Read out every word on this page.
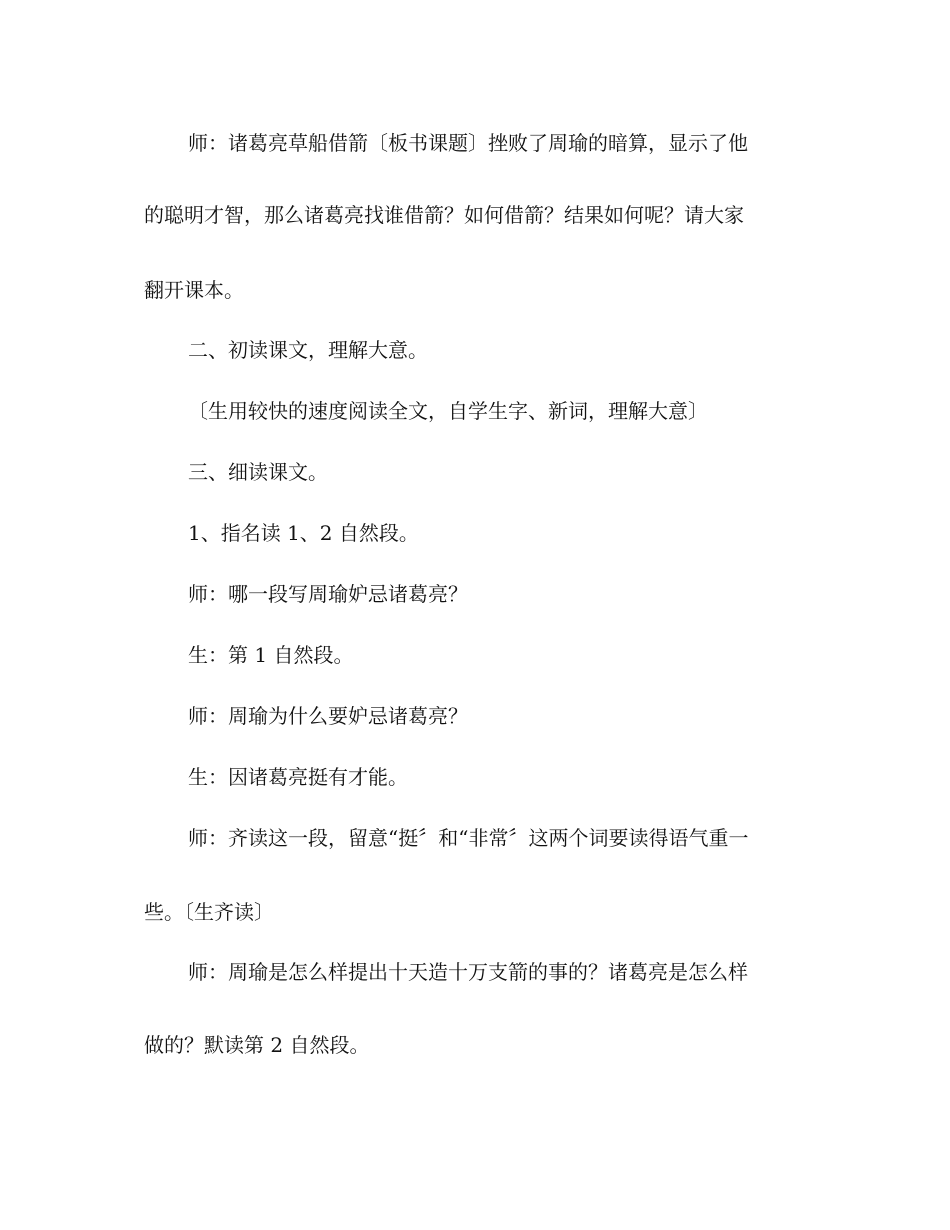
师：诸葛亮草船借箭〔板书课题〕挫败了周瑜的暗算，显示了他

的聪明才智，那么诸葛亮找谁借箭？如何借箭？结果如何呢？请大家

翻开课本。

二、初读课文，理解大意。

〔生用较快的速度阅读全文，自学生字、新词，理解大意〕

三、细读课文。

1、指名读 1、2 自然段。

师：哪一段写周瑜妒忌诸葛亮？

生：第 1 自然段。

师：周瑜为什么要妒忌诸葛亮？

生：因诸葛亮挺有才能。

师：齐读这一段，留意“挺〞和“非常〞这两个词要读得语气重一

些。〔生齐读〕

师：周瑜是怎么样提出十天造十万支箭的事的？诸葛亮是怎么样

做的？默读第 2 自然段。
